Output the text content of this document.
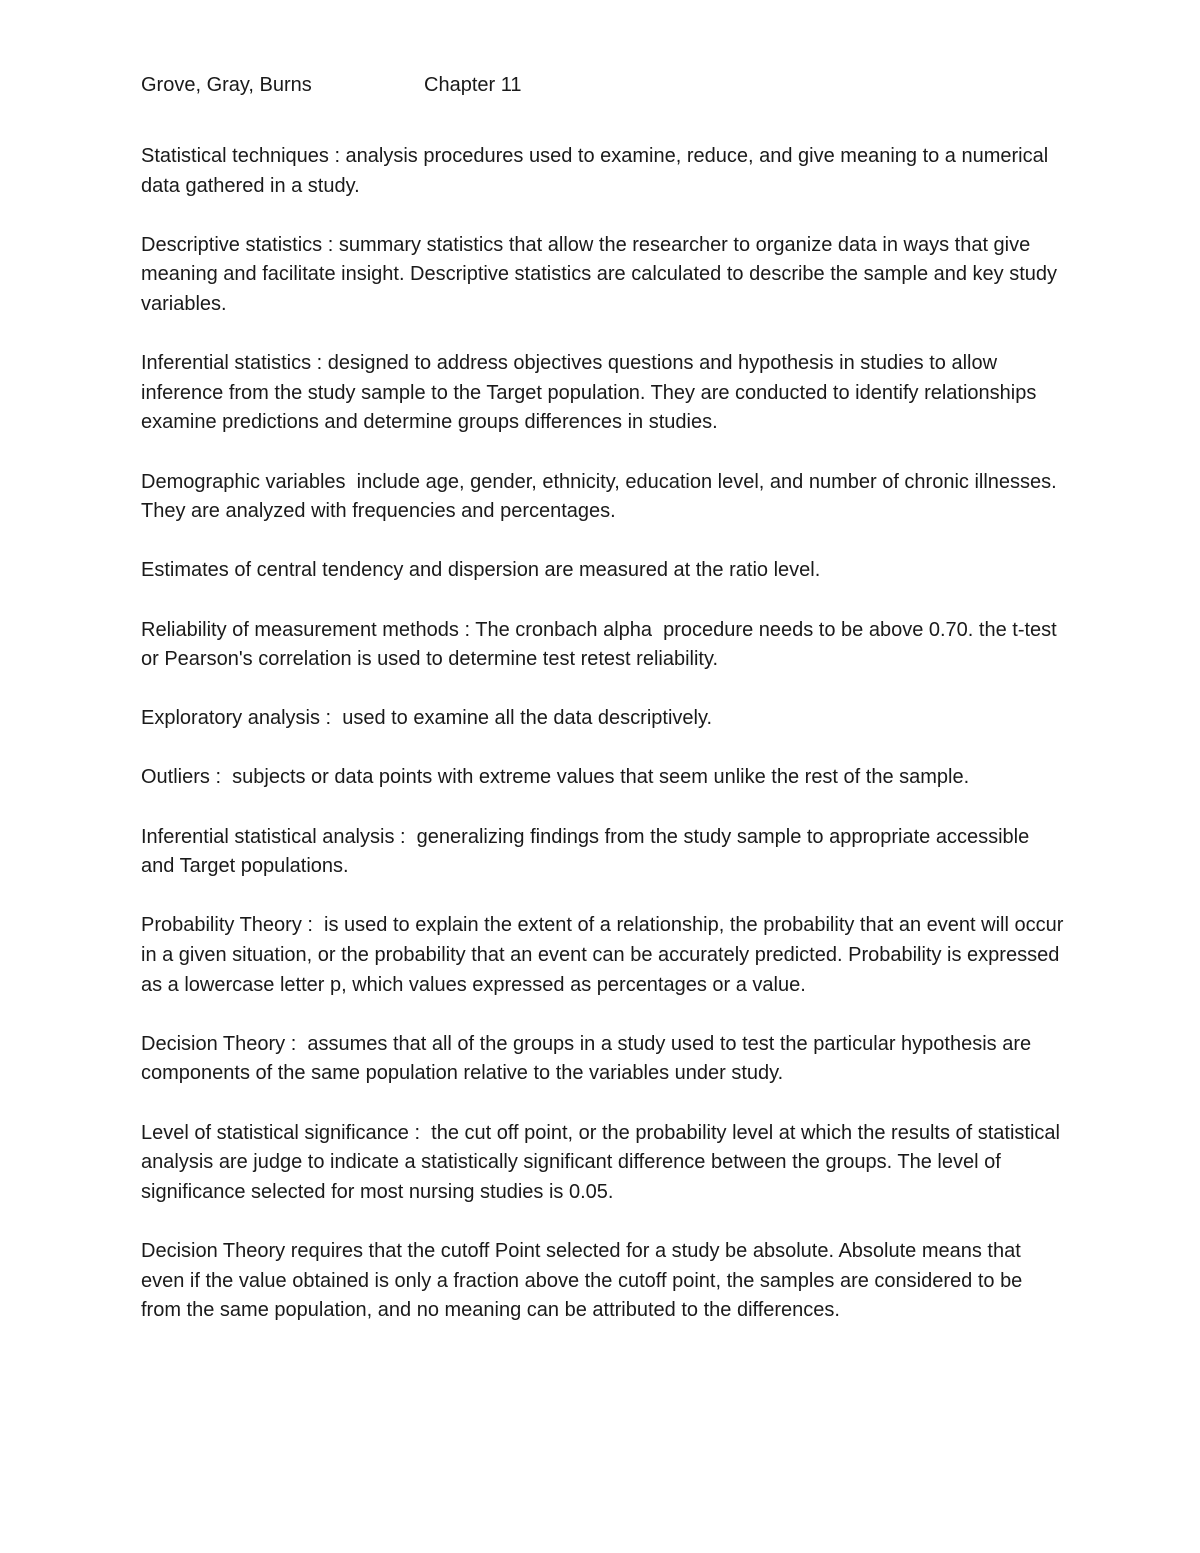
Grove, Gray, Burns	Chapter 11

Statistical techniques : analysis procedures used to examine, reduce, and give meaning to a numerical data gathered in a study.

Descriptive statistics : summary statistics that allow the researcher to organize data in ways that give meaning and facilitate insight. Descriptive statistics are calculated to describe the sample and key study variables.

Inferential statistics : designed to address objectives questions and hypothesis in studies to allow inference from the study sample to the Target population. They are conducted to identify relationships examine predictions and determine groups differences in studies.

Demographic variables  include age, gender, ethnicity, education level, and number of chronic illnesses. They are analyzed with frequencies and percentages.

Estimates of central tendency and dispersion are measured at the ratio level.

Reliability of measurement methods : The cronbach alpha  procedure needs to be above 0.70. the t-test or Pearson's correlation is used to determine test retest reliability.

Exploratory analysis :  used to examine all the data descriptively.

Outliers :  subjects or data points with extreme values that seem unlike the rest of the sample.

Inferential statistical analysis :  generalizing findings from the study sample to appropriate accessible and Target populations.

Probability Theory :  is used to explain the extent of a relationship, the probability that an event will occur in a given situation, or the probability that an event can be accurately predicted. Probability is expressed as a lowercase letter p, which values expressed as percentages or a value.

Decision Theory :  assumes that all of the groups in a study used to test the particular hypothesis are components of the same population relative to the variables under study.

Level of statistical significance :  the cut off point, or the probability level at which the results of statistical analysis are judge to indicate a statistically significant difference between the groups. The level of significance selected for most nursing studies is 0.05.

Decision Theory requires that the cutoff Point selected for a study be absolute. Absolute means that even if the value obtained is only a fraction above the cutoff point, the samples are considered to be from the same population, and no meaning can be attributed to the differences.
